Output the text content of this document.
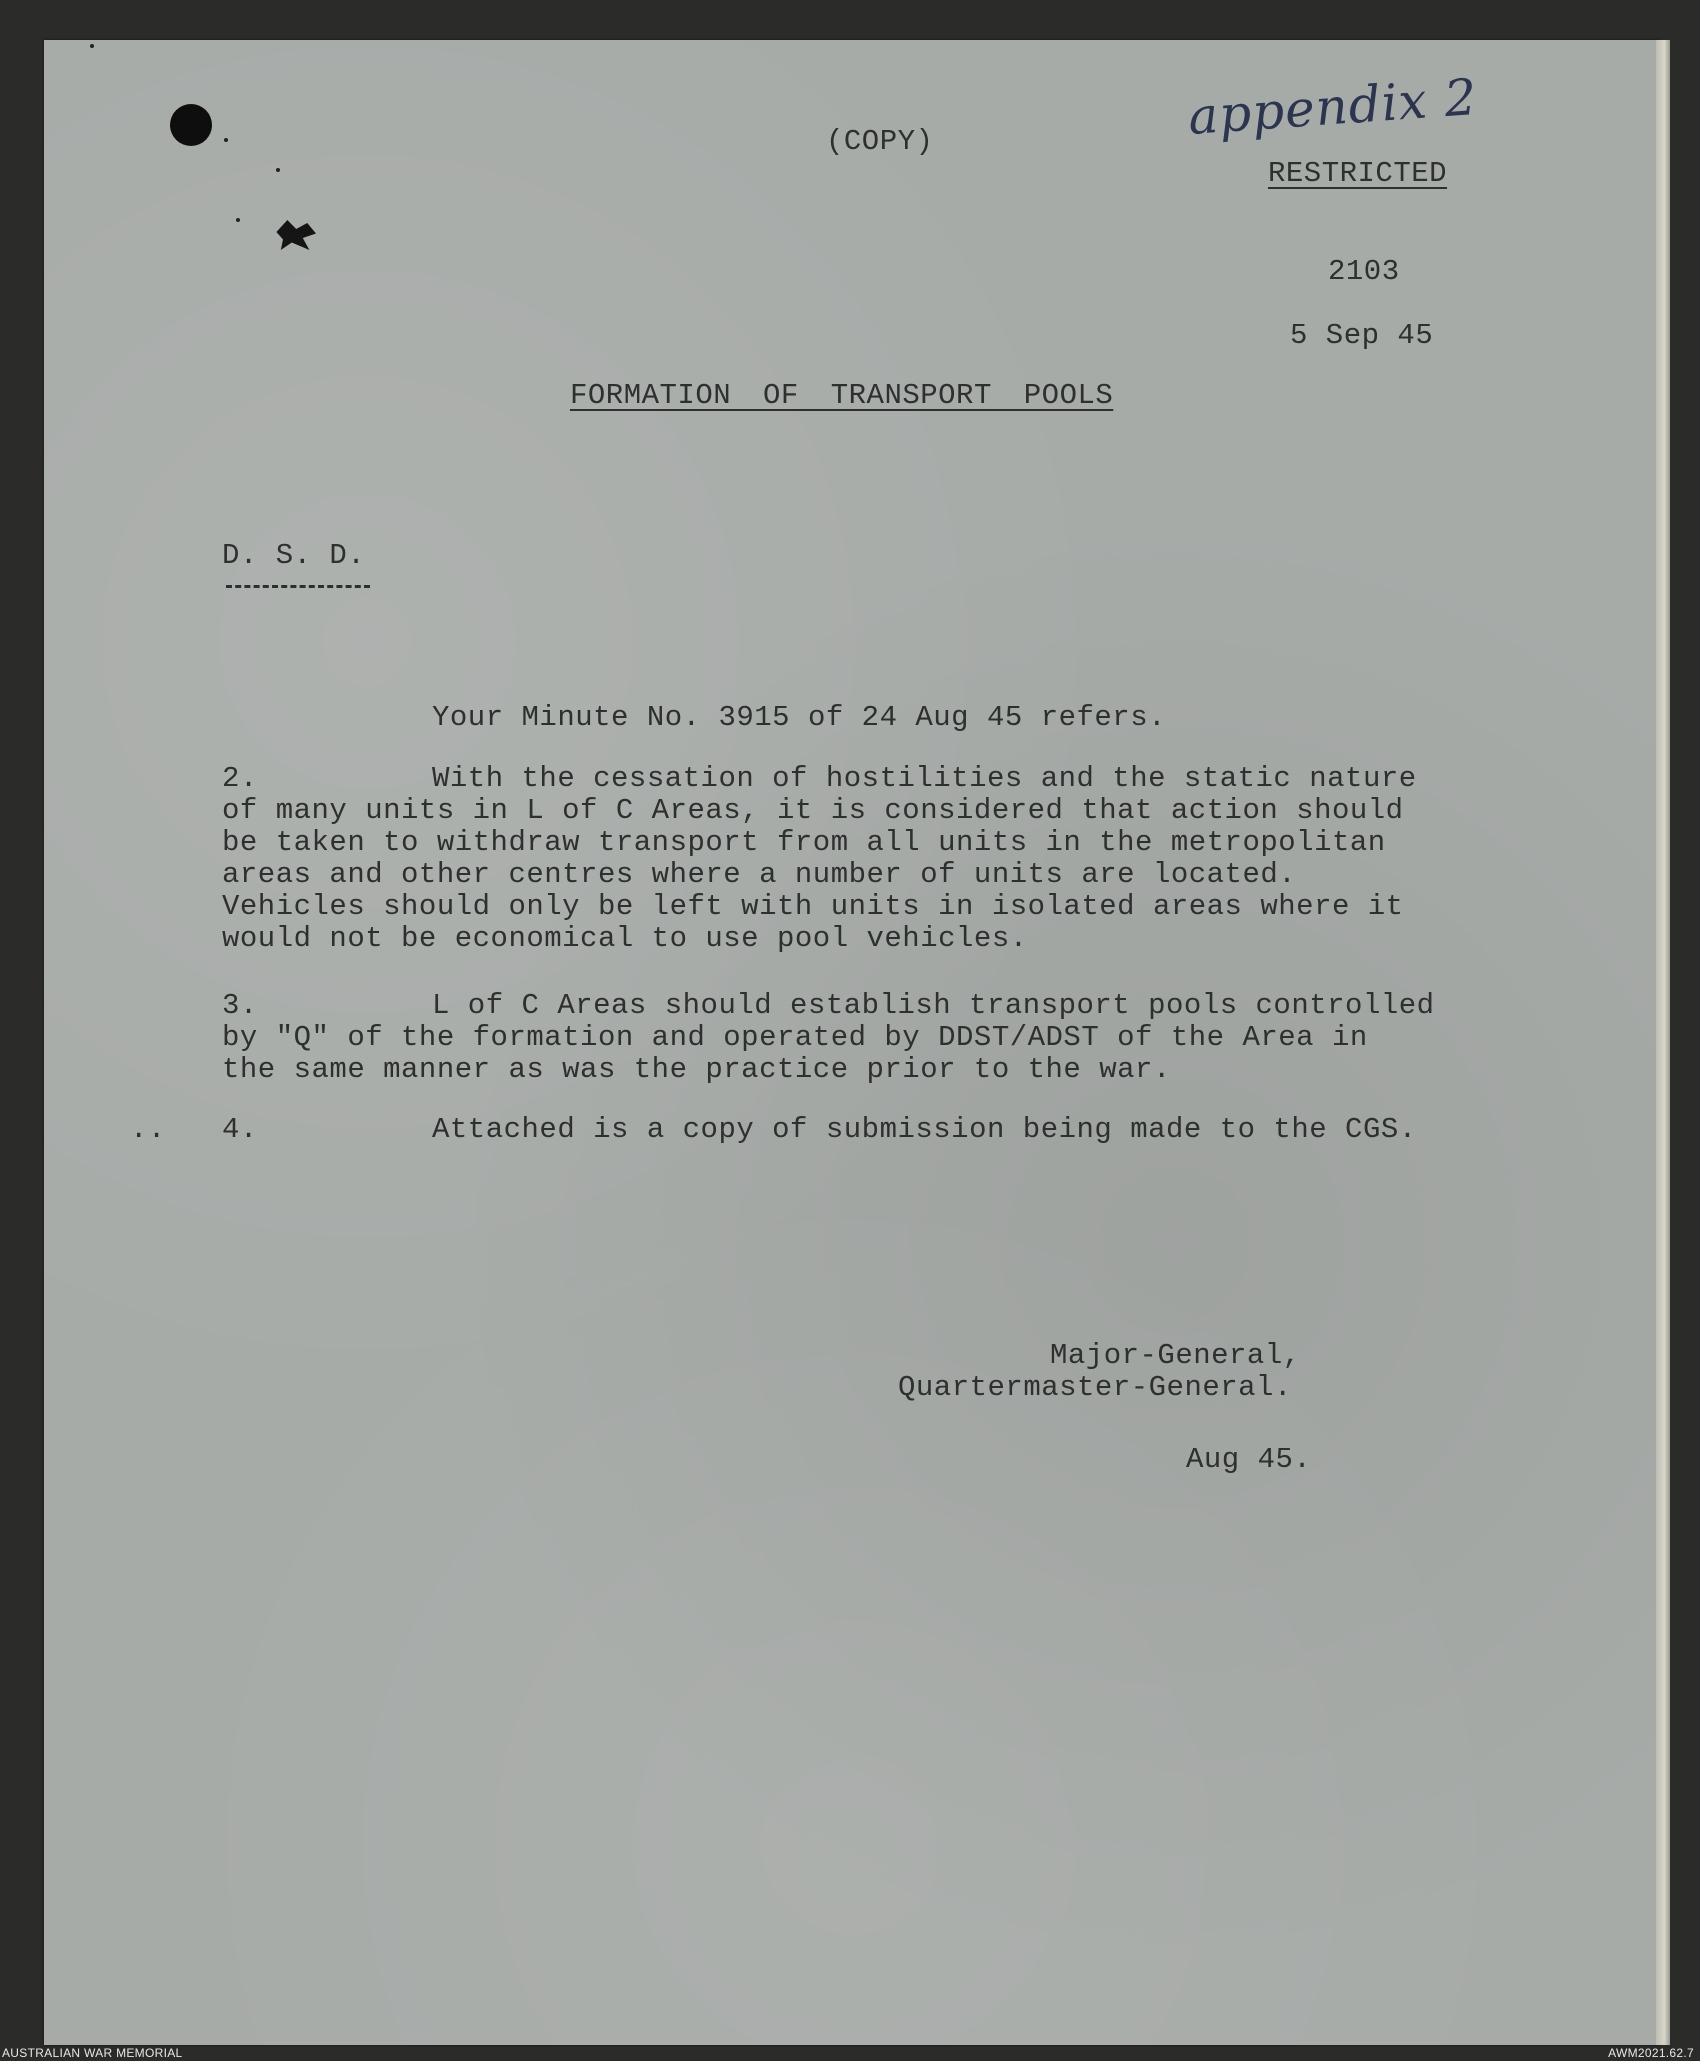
appendix 2
(COPY)
RESTRICTED
2103
5 Sep 45
FORMATION OF TRANSPORT POOLS
D. S. D.
Your Minute No. 3915 of 24 Aug 45 refers.
2.	With the cessation of hostilities and the static nature
of many units in L of C Areas, it is considered that action should
be taken to withdraw transport from all units in the metropolitan
areas and other centres where a number of units are located.
Vehicles should only be left with units in isolated areas where it
would not be economical to use pool vehicles.
3.	L of C Areas should establish transport pools controlled
by "Q" of the formation and operated by DDST/ADST of the Area in
the same manner as was the practice prior to the war.
.. 4.	Attached is a copy of submission being made to the CGS.
Major-General,
Quartermaster-General.
Aug 45.
AUSTRALIAN WAR MEMORIAL	AWM2021.62.7
